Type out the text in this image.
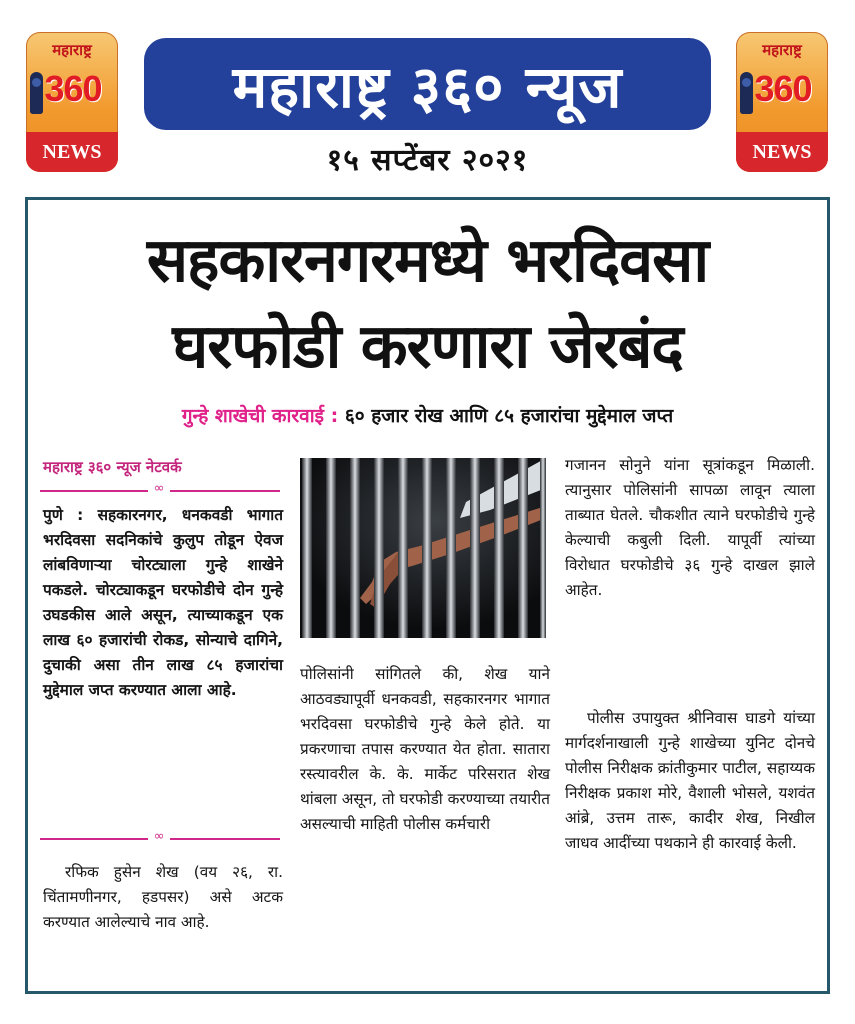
महाराष्ट्र
360
NEWS
महाराष्ट्र ३६० न्यूज
१५ सप्टेंबर २०२१
महाराष्ट्र
360
NEWS
सहकारनगरमध्ये भरदिवसा
घरफोडी करणारा जेरबंद
गुन्हे शाखेची कारवाई : ६० हजार रोख आणि ८५ हजारांचा मुद्देमाल जप्त
महाराष्ट्र ३६० न्यूज नेटवर्क
∞
पुणे : सहकारनगर, धनकवडी भागात भरदिवसा सदनिकांचे कुलुप तोडून ऐवज लांबविणाऱ्या चोरट्याला गुन्हे शाखेने पकडले. चोरट्याकडून घरफोडीचे दोन गुन्हे उघडकीस आले असून, त्याच्याकडून एक लाख ६० हजारांची रोकड, सोन्याचे दागिने, दुचाकी असा तीन लाख ८५ हजारांचा मुद्देमाल जप्त करण्यात आला आहे.
∞
रफिक हुसेन शेख (वय २६, रा. चिंतामणीनगर, हडपसर) असे अटक करण्यात आलेल्याचे नाव आहे.
पोलिसांनी सांगितले की, शेख याने आठवड्यापूर्वी धनकवडी, सहकारनगर भागात भरदिवसा घरफोडीचे गुन्हे केले होते. या प्रकरणाचा तपास करण्यात येत होता. सातारा रस्त्यावरील के. के. मार्केट परिसरात शेख थांबला असून, तो घरफोडी करण्याच्या तयारीत असल्याची माहिती पोलीस कर्मचारी
गजानन सोनुने यांना सूत्रांकडून मिळाली. त्यानुसार पोलिसांनी सापळा लावून त्याला ताब्यात घेतले. चौकशीत त्याने घरफोडीचे गुन्हे केल्याची कबुली दिली. यापूर्वी त्यांच्या विरोधात घरफोडीचे ३६ गुन्हे दाखल झाले आहेत.
पोलीस उपायुक्त श्रीनिवास घाडगे यांच्या मार्गदर्शनाखाली गुन्हे शाखेच्या युनिट दोनचे पोलीस निरीक्षक क्रांतीकुमार पाटील, सहाय्यक निरीक्षक प्रकाश मोरे, वैशाली भोसले, यशवंत आंब्रे, उत्तम तारू, कादीर शेख, निखील जाधव आदींच्या पथकाने ही कारवाई केली.
